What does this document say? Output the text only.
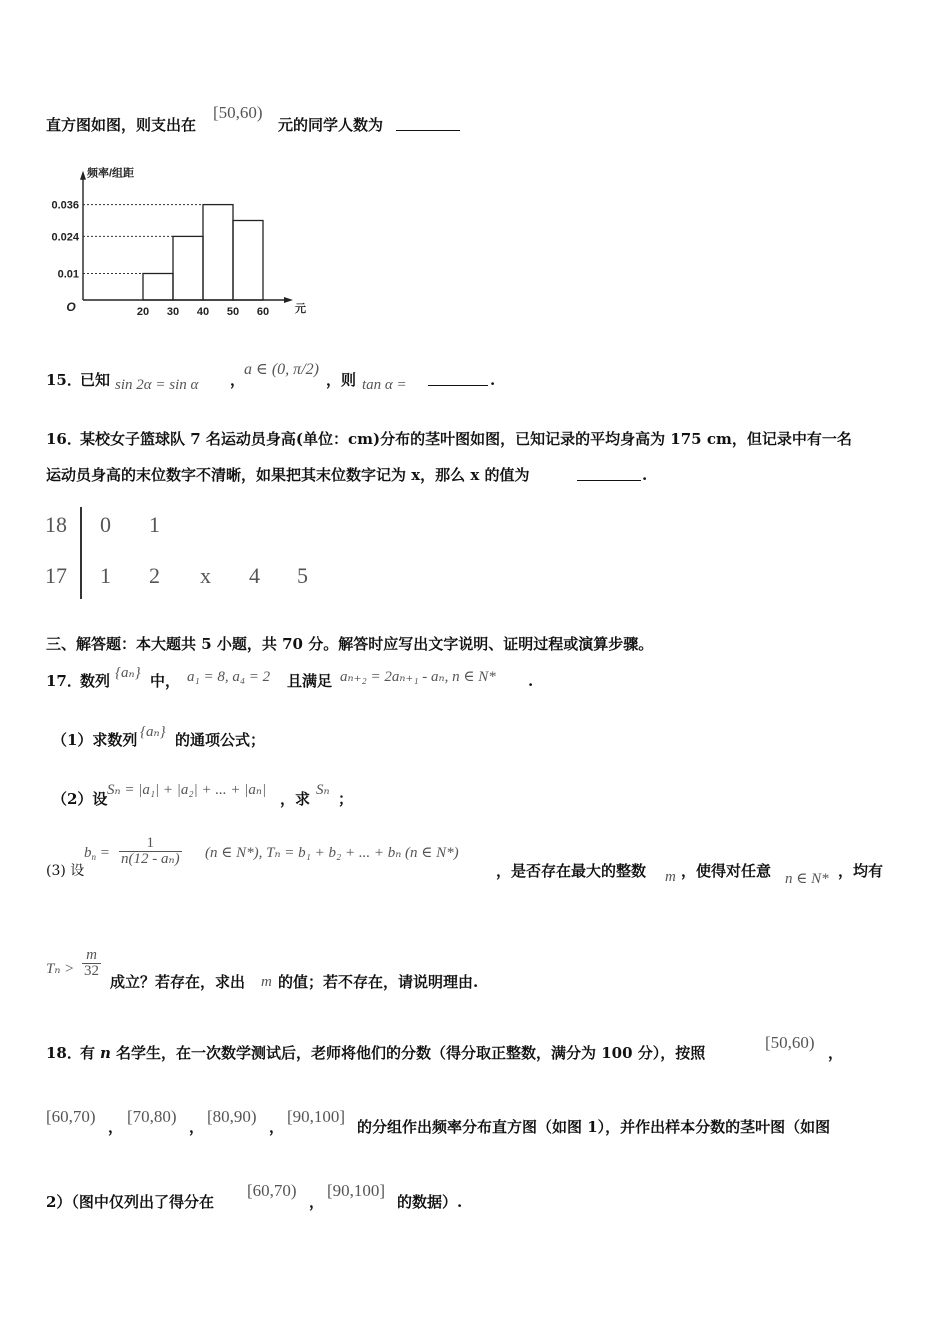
直方图如图，则支出在
[50,60)
元的同学人数为
0.01
0.024
0.036
20 30 40 50 60
O
频率/组距
元
15．
已知 sin 2α = sin α ，
a ∈ (0, π/2)
，则 tan α =	.
16．
某校女子篮球队 7 名运动员身高(单位：cm)分布的茎叶图如图，已知记录的平均身高为 175 cm，但记录中有一名
运动员身高的末位数字不清晰，如果把其末位数字记为 x，那么 x 的值为	.
18
17
0 1
1 2 x 4 5
三、解答题：本大题共 5 小题，共 70 分。解答时应写出文字说明、证明过程或演算步骤。
17．
数列 {aₙ} 中， a₁ = 8, a₄ = 2 且满足 aₙ₊₂ = 2aₙ₊₁ - aₙ, n ∈ N* .
（1）求数列 {aₙ} 的通项公式；
（2）设 Sₙ = |a₁| + |a₂| + ... + |aₙ| ，求 Sₙ ；
(3) 设
$b_n = \frac{1}{\text{n(12 - aₙ)}} (n$ ∈ N*), Tₙ = b₁ + b₂ + ... + bₙ (n ∈ N*)
，是否存在最大的整数 m ，使得对任意 n ∈ N* ，均有
$T_n > \frac{m}{32}$
成立？若存在，求出 m 的值；若不存在，请说明理由.
18．
有 n 名学生，在一次数学测试后，老师将他们的分数（得分取正整数，满分为 100 分），按照
[50,60)
，
[60,70)
，
[70,80)
，
[80,90)
，
[90,100]
的分组作出频率分布直方图（如图 1），并作出样本分数的茎叶图（如图
2）（图中仅列出了得分在
[60,70)
，
[90,100]
的数据）.
